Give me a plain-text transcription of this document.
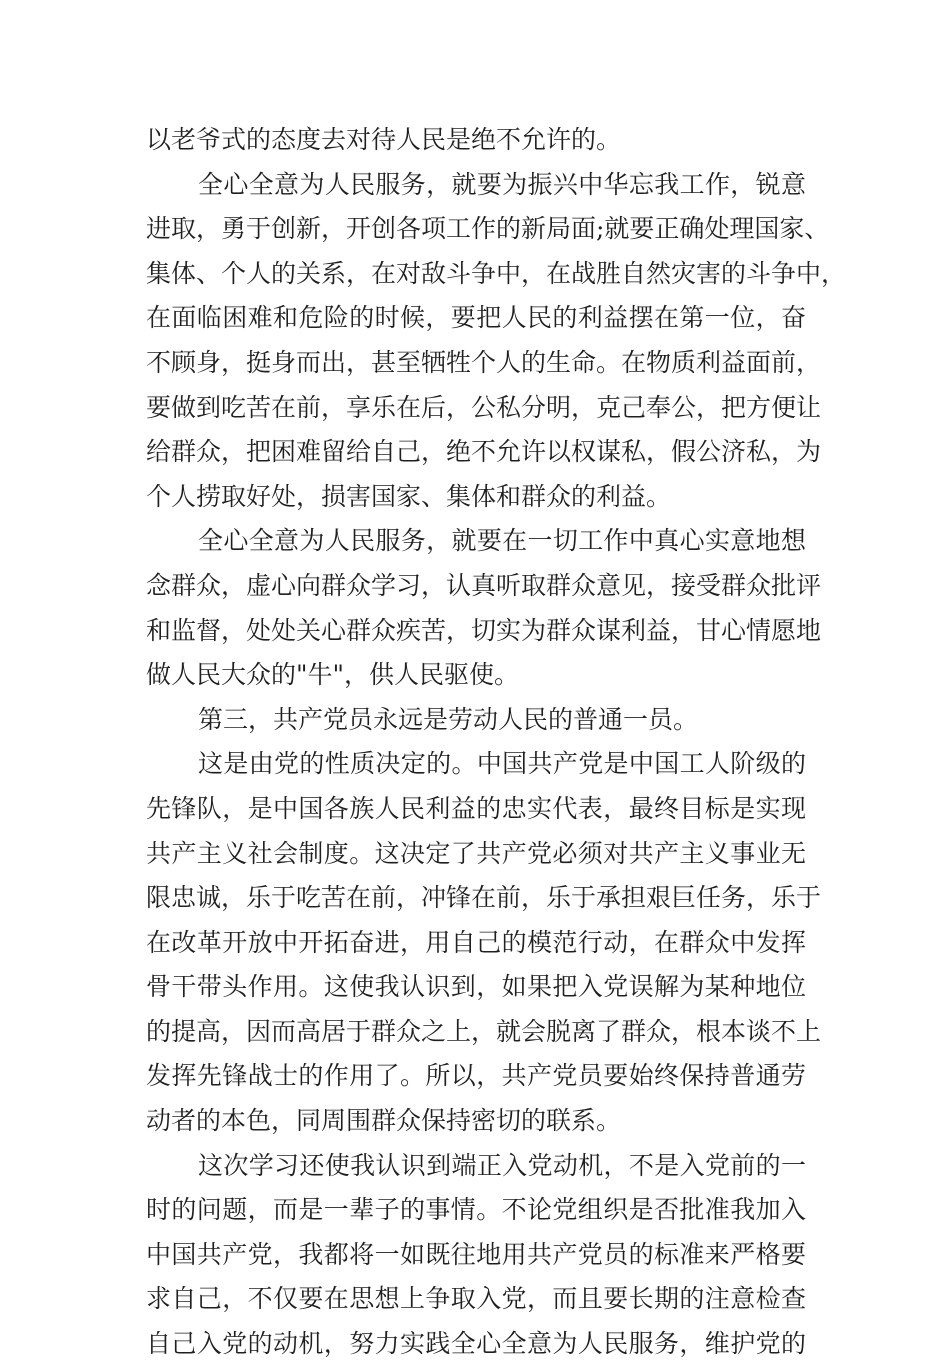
以老爷式的态度去对待人民是绝不允许的。
全心全意为人民服务，就要为振兴中华忘我工作，锐意
进取，勇于创新，开创各项工作的新局面;就要正确处理国家、
集体、个人的关系，在对敌斗争中，在战胜自然灾害的斗争中，
在面临困难和危险的时候，要把人民的利益摆在第一位，奋
不顾身，挺身而出，甚至牺牲个人的生命。在物质利益面前，
要做到吃苦在前，享乐在后，公私分明，克己奉公，把方便让
给群众，把困难留给自己，绝不允许以权谋私，假公济私，为
个人捞取好处，损害国家、集体和群众的利益。
全心全意为人民服务，就要在一切工作中真心实意地想
念群众，虚心向群众学习，认真听取群众意见，接受群众批评
和监督，处处关心群众疾苦，切实为群众谋利益，甘心情愿地
做人民大众的"牛"，供人民驱使。
第三，共产党员永远是劳动人民的普通一员。
这是由党的性质决定的。中国共产党是中国工人阶级的
先锋队，是中国各族人民利益的忠实代表，最终目标是实现
共产主义社会制度。这决定了共产党必须对共产主义事业无
限忠诚，乐于吃苦在前，冲锋在前，乐于承担艰巨任务，乐于
在改革开放中开拓奋进，用自己的模范行动，在群众中发挥
骨干带头作用。这使我认识到，如果把入党误解为某种地位
的提高，因而高居于群众之上，就会脱离了群众，根本谈不上
发挥先锋战士的作用了。所以，共产党员要始终保持普通劳
动者的本色，同周围群众保持密切的联系。
这次学习还使我认识到端正入党动机，不是入党前的一
时的问题，而是一辈子的事情。不论党组织是否批准我加入
中国共产党，我都将一如既往地用共产党员的标准来严格要
求自己，不仅要在思想上争取入党，而且要长期的注意检查
自己入党的动机，努力实践全心全意为人民服务，维护党的
